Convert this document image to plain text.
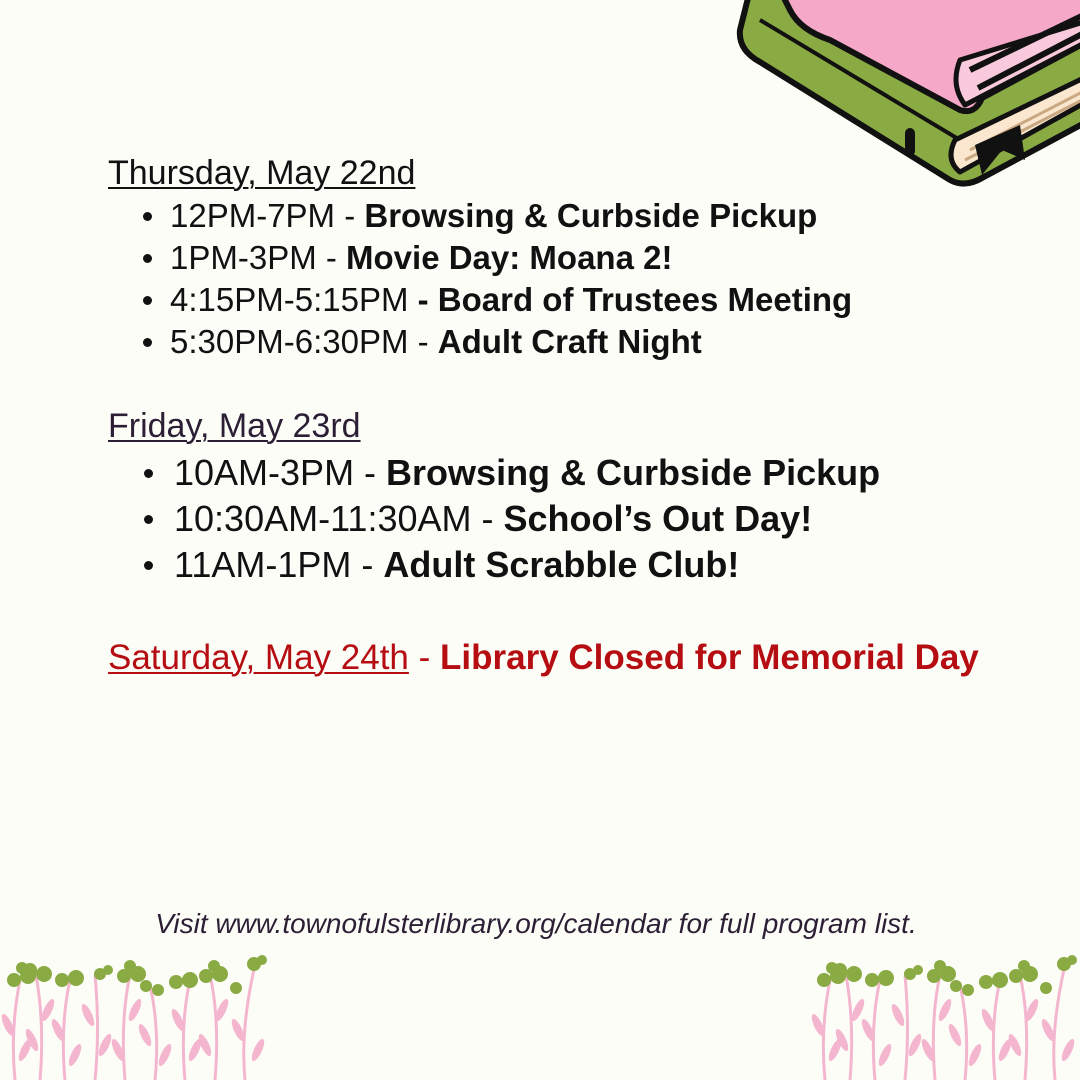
Thursday, May 22nd
12PM-7PM - Browsing & Curbside Pickup
1PM-3PM - Movie Day: Moana 2!
4:15PM-5:15PM - Board of Trustees Meeting
5:30PM-6:30PM - Adult Craft Night
Friday, May 23rd
10AM-3PM - Browsing & Curbside Pickup
10:30AM-11:30AM - School’s Out Day!
11AM-1PM - Adult Scrabble Club!

Saturday, May 24th - Library Closed for Memorial Day

Visit www.townofulsterlibrary.org/calendar for full program list.
